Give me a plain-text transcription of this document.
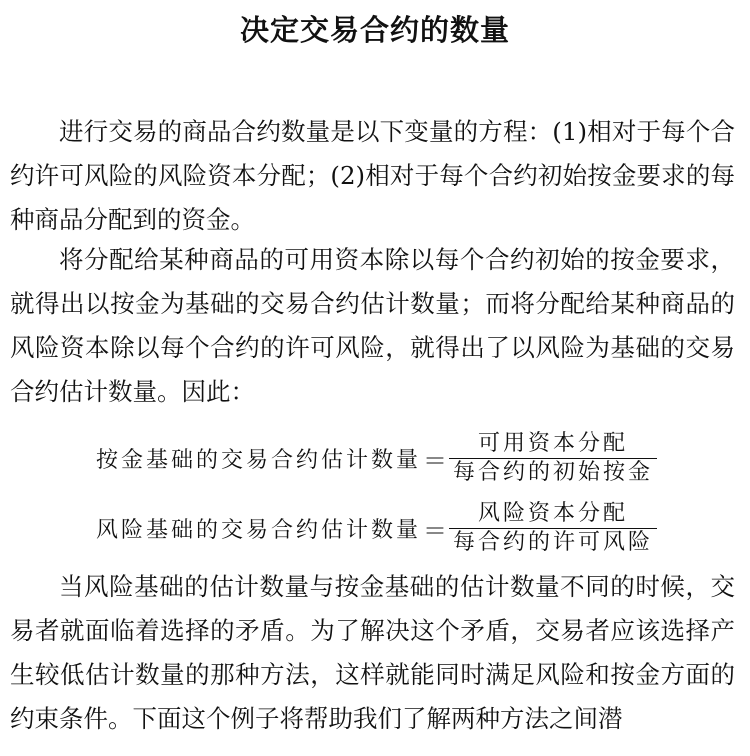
决定交易合约的数量

进行交易的商品合约数量是以下变量的方程：(1)相对于每个合约许可风险的风险资本分配；(2)相对于每个合约初始按金要求的每种商品分配到的资金。

将分配给某种商品的可用资本除以每个合约初始的按金要求，就得出以按金为基础的交易合约估计数量；而将分配给某种商品的风险资本除以每个合约的许可风险，就得出了以风险为基础的交易合约估计数量。因此：

按金基础的交易合约估计数量 ＝ $\frac{\text{可用资本分配}}{\text{每合约的初始按金}}$
风险基础的交易合约估计数量 ＝ $\frac{\text{风险资本分配}}{\text{每合约的许可风险}}$

当风险基础的估计数量与按金基础的估计数量不同的时候，交易者就面临着选择的矛盾。为了解决这个矛盾，交易者应该选择产生较低估计数量的那种方法，这样就能同时满足风险和按金方面的约束条件。下面这个例子将帮助我们了解两种方法之间潜
